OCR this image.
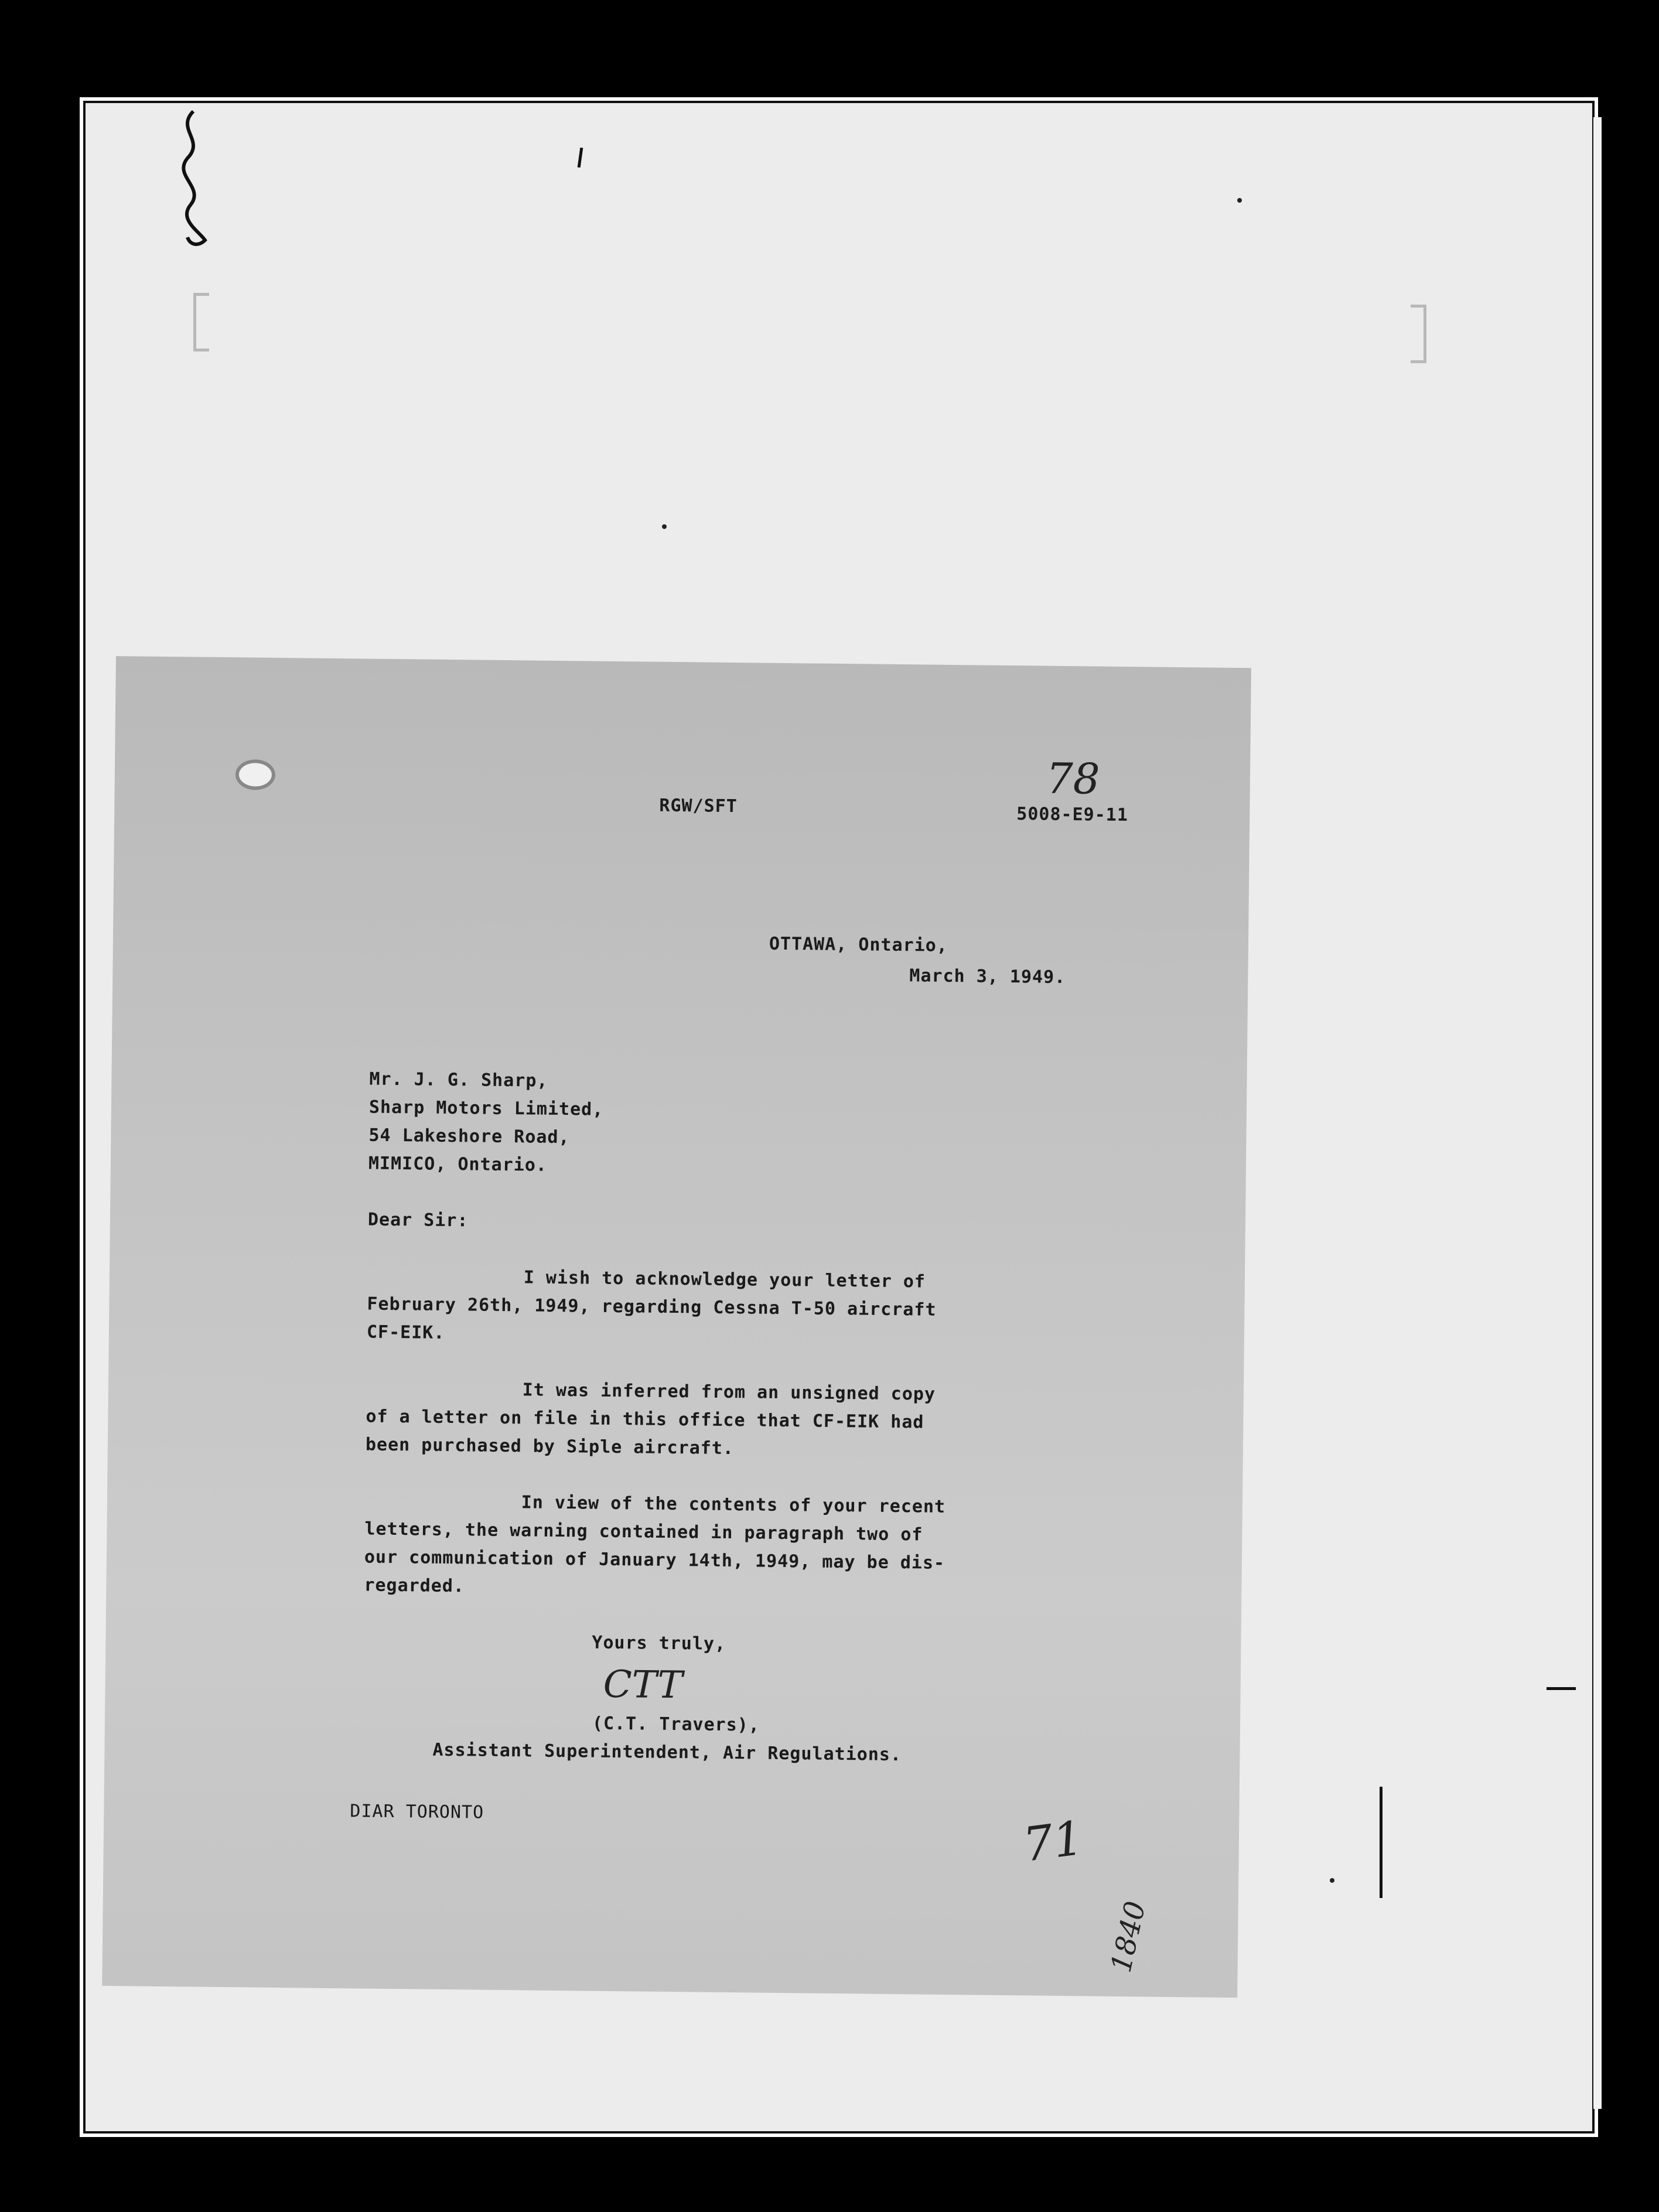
RGW/SFT
78
5008-E9-11
OTTAWA, Ontario,
March 3, 1949.
Mr. J. G. Sharp,
Sharp Motors Limited,
54 Lakeshore Road,
MIMICO, Ontario.
Dear Sir:
I wish to acknowledge your letter of
February 26th, 1949, regarding Cessna T-50 aircraft
CF-EIK.
It was inferred from an unsigned copy
of a letter on file in this office that CF-EIK had
been purchased by Siple aircraft.
In view of the contents of your recent
letters, the warning contained in paragraph two of
our communication of January 14th, 1949, may be dis-
regarded.
Yours truly,
CTT
(C.T. Travers),
Assistant Superintendent, Air Regulations.
DIAR TORONTO	71
1840
